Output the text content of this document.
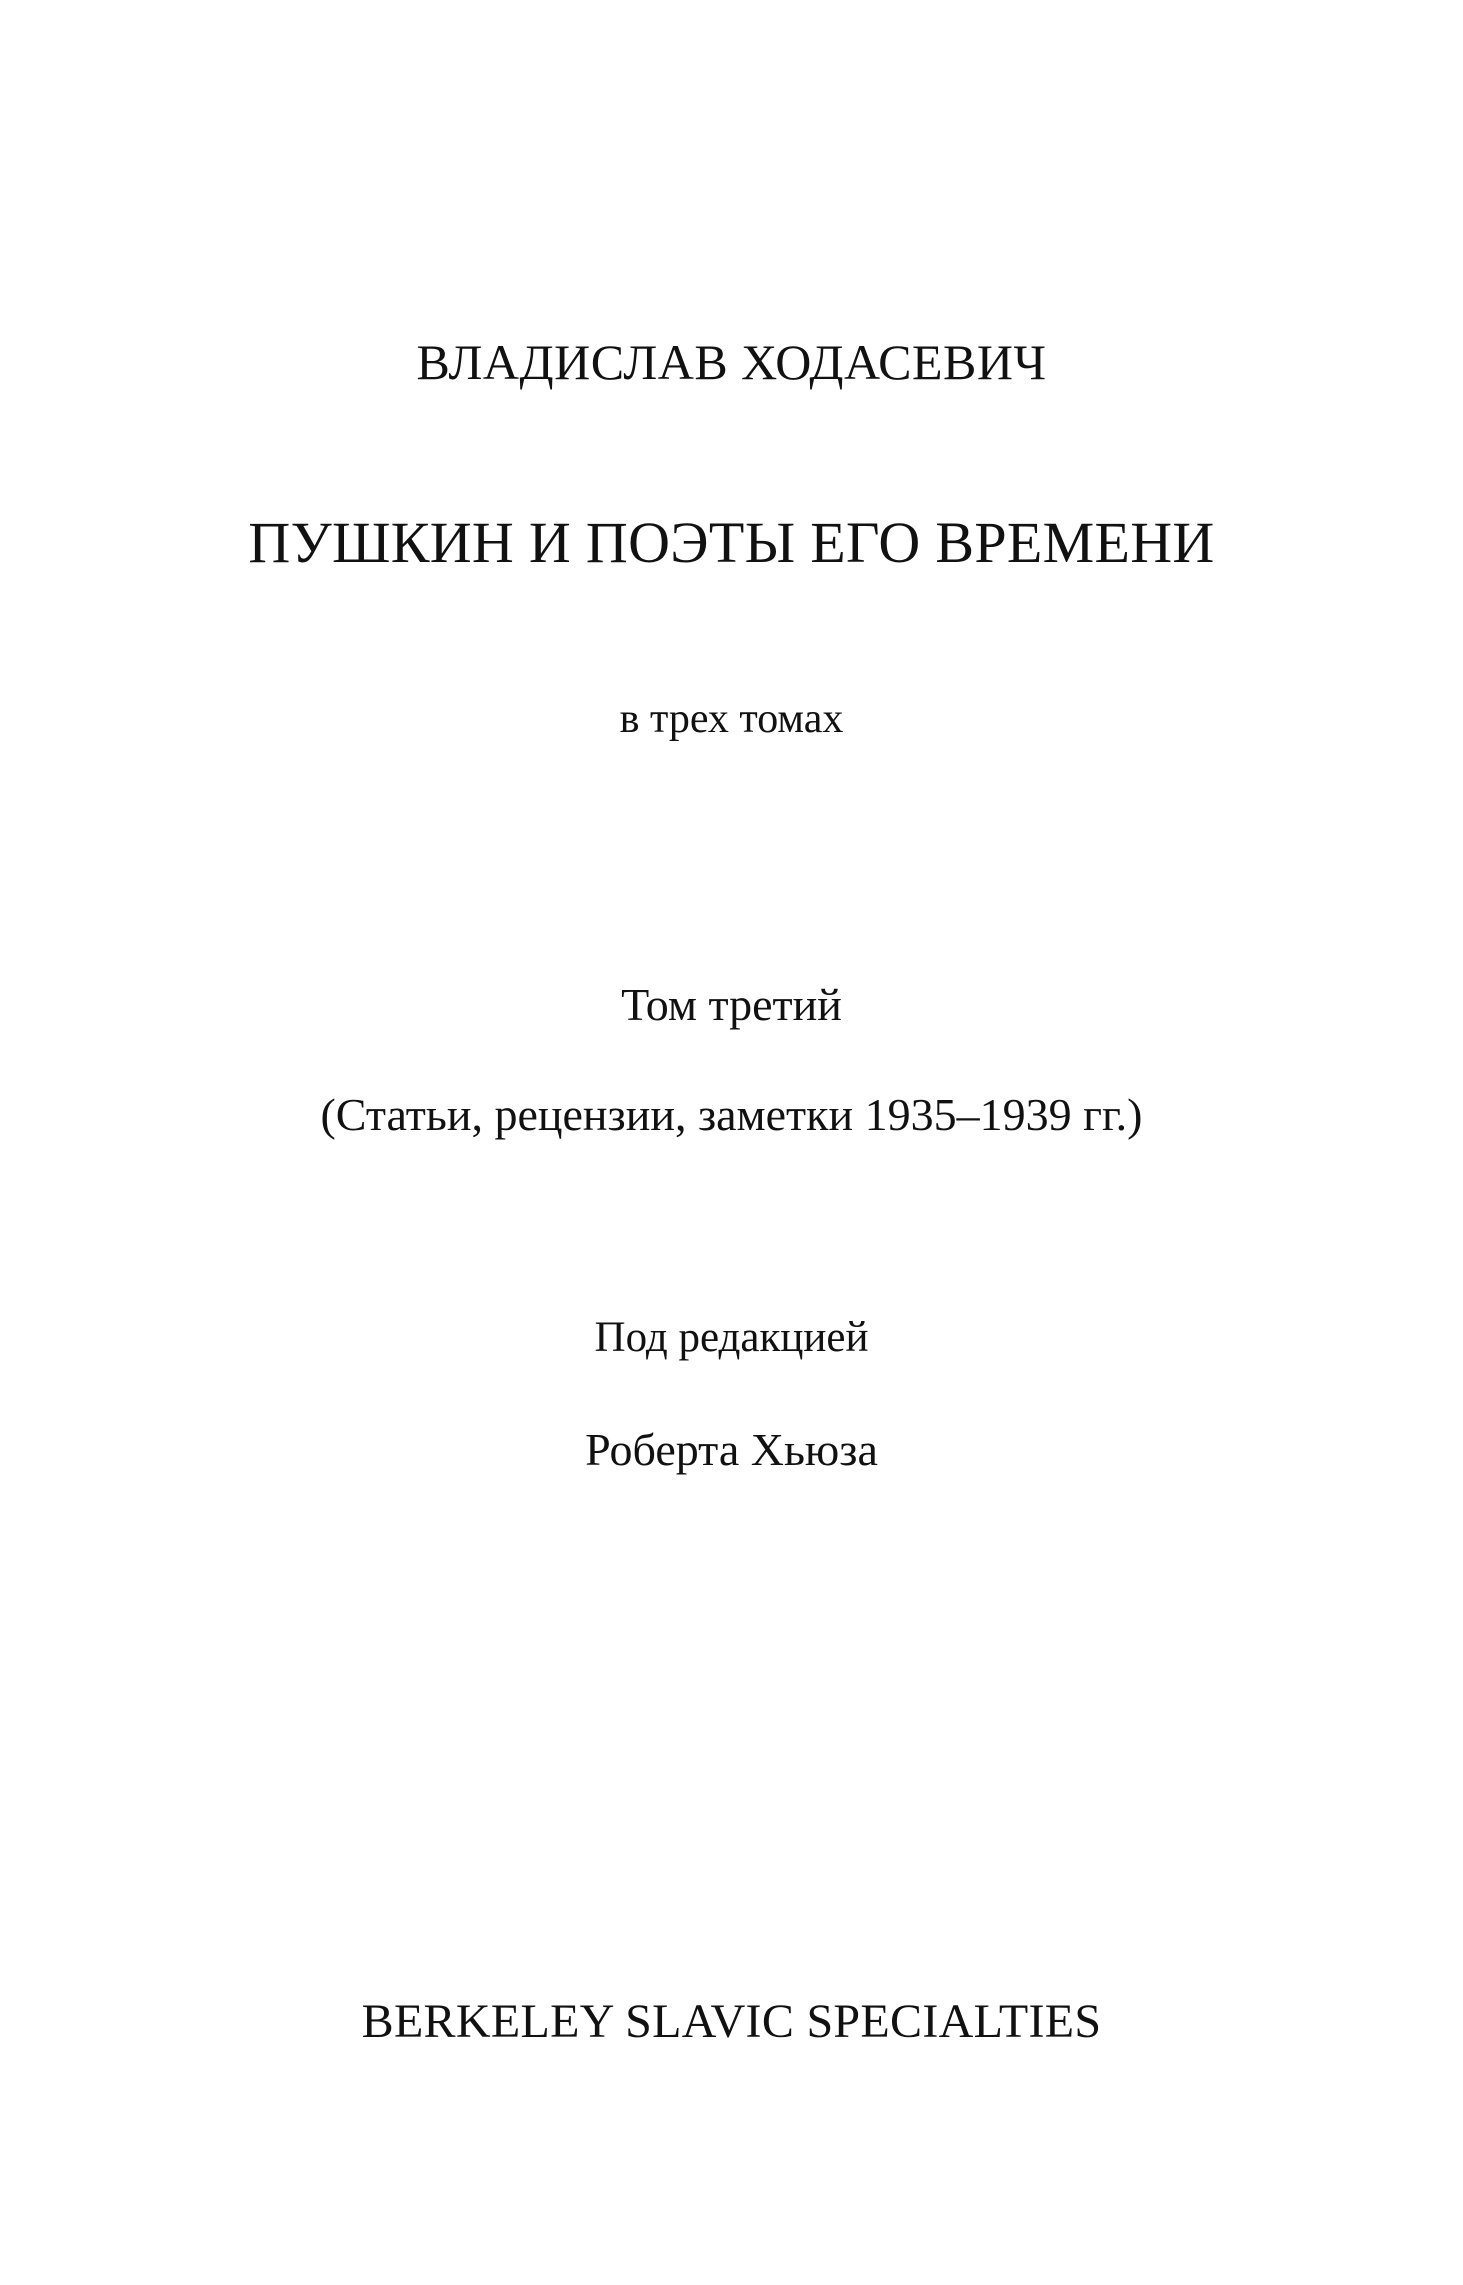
ВЛАДИСЛАВ ХОДАСЕВИЧ
ПУШКИН И ПОЭТЫ ЕГО ВРЕМЕНИ
в трех томах
Том третий
(Статьи, рецензии, заметки 1935–1939 гг.)
Под редакцией
Роберта Хьюза
BERKELEY SLAVIC SPECIALTIES
